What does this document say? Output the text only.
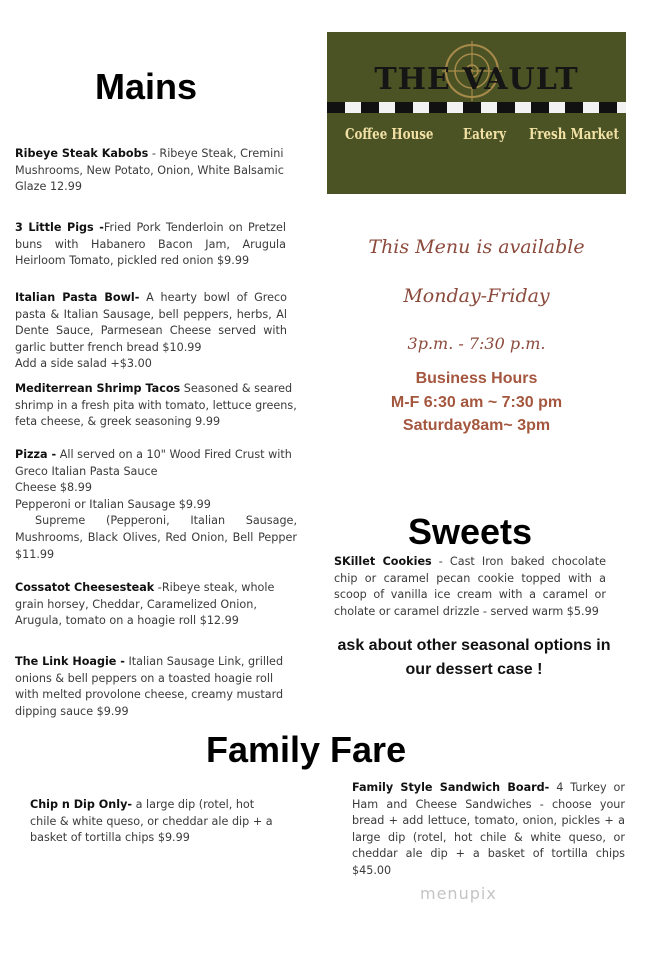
Mains
Ribeye Steak Kabobs - Ribeye Steak, Cremini Mushrooms, New Potato, Onion, White Balsamic Glaze 12.99
3 Little Pigs -Fried Pork Tenderloin on Pretzel buns with Habanero Bacon Jam, Arugula Heirloom Tomato, pickled red onion $9.99
Italian Pasta Bowl- A hearty bowl of Greco pasta & Italian Sausage, bell peppers, herbs, Al Dente Sauce, Parmesean Cheese served with garlic butter french bread $10.99
Add a side salad +$3.00
Mediterrean Shrimp Tacos Seasoned & seared shrimp in a fresh pita with tomato, lettuce greens, feta cheese, & greek seasoning 9.99
Pizza - All served on a 10" Wood Fired Crust with Greco Italian Pasta Sauce
Cheese $8.99
Pepperoni or Italian Sausage $9.99
Supreme (Pepperoni, Italian Sausage, Mushrooms, Black Olives, Red Onion, Bell Pepper $11.99
Cossatot Cheesesteak -Ribeye steak, whole grain horsey, Cheddar, Caramelized Onion, Arugula, tomato on a hoagie roll $12.99
The Link Hoagie - Italian Sausage Link, grilled onions & bell peppers on a toasted hoagie roll with melted provolone cheese, creamy mustard dipping sauce $9.99
THE VAULT
Coffee House Eatery Fresh Market
This Menu is available
Monday-Friday
3p.m. - 7:30 p.m.
Business Hours
M-F 6:30 am ~ 7:30 pm
Saturday8am~ 3pm
Sweets
SKillet Cookies - Cast Iron baked chocolate chip or caramel pecan cookie topped with a scoop of vanilla ice cream with a caramel or cholate or caramel drizzle - served warm $5.99
ask about other seasonal options in our dessert case !
Family Fare
Chip n Dip Only- a large dip (rotel, hot chile & white queso, or cheddar ale dip + a basket of tortilla chips $9.99
Family Style Sandwich Board- 4 Turkey or Ham and Cheese Sandwiches - choose your bread + add lettuce, tomato, onion, pickles + a large dip (rotel, hot chile & white queso, or cheddar ale dip + a basket of tortilla chips $45.00
menupix
